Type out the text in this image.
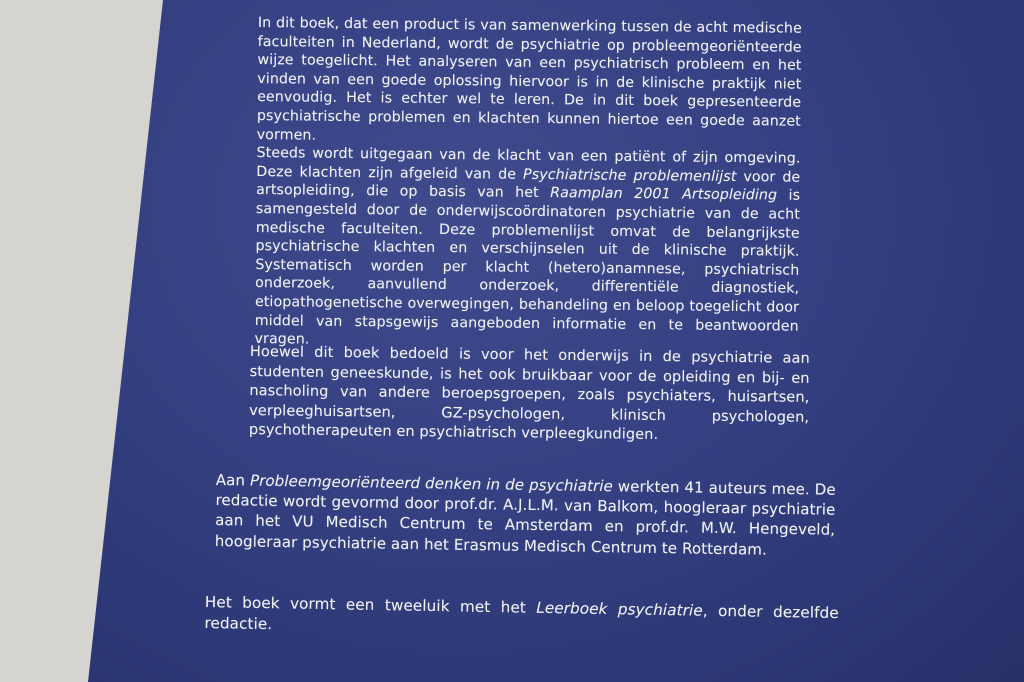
In dit boek, dat een product is van samenwerking tussen de acht medische faculteiten in Nederland, wordt de psychiatrie op probleemgeoriënteerde wijze toegelicht. Het analyseren van een psychiatrisch probleem en het vinden van een goede oplossing hiervoor is in de klinische praktijk niet eenvoudig. Het is echter wel te leren. De in dit boek gepresenteerde psychiatrische problemen en klachten kunnen hiertoe een goede aanzet vormen.

Steeds wordt uitgegaan van de klacht van een patiënt of zijn omgeving. Deze klachten zijn afgeleid van de Psychiatrische problemenlijst voor de artsopleiding, die op basis van het Raamplan 2001 Artsopleiding is samengesteld door de onderwijscoördinatoren psychiatrie van de acht medische faculteiten. Deze problemenlijst omvat de belangrijkste psychiatrische klachten en verschijnselen uit de klinische praktijk. Systematisch worden per klacht (hetero)anamnese, psychiatrisch onderzoek, aanvullend onderzoek, differentiële diagnostiek, etiopathogenetische overwegingen, behandeling en beloop toegelicht door middel van stapsgewijs aangeboden informatie en te beantwoorden vragen.

Hoewel dit boek bedoeld is voor het onderwijs in de psychiatrie aan studenten geneeskunde, is het ook bruikbaar voor de opleiding en bij- en nascholing van andere beroepsgroepen, zoals psychiaters, huisartsen, verpleeghuisartsen, GZ-psychologen, klinisch psychologen, psychotherapeuten en psychiatrisch verpleegkundigen.

Aan Probleemgeoriënteerd denken in de psychiatrie werkten 41 auteurs mee. De redactie wordt gevormd door prof.dr. A.J.L.M. van Balkom, hoogleraar psychiatrie aan het VU Medisch Centrum te Amsterdam en prof.dr. M.W. Hengeveld, hoogleraar psychiatrie aan het Erasmus Medisch Centrum te Rotterdam.

Het boek vormt een tweeluik met het Leerboek psychiatrie, onder dezelfde redactie.
